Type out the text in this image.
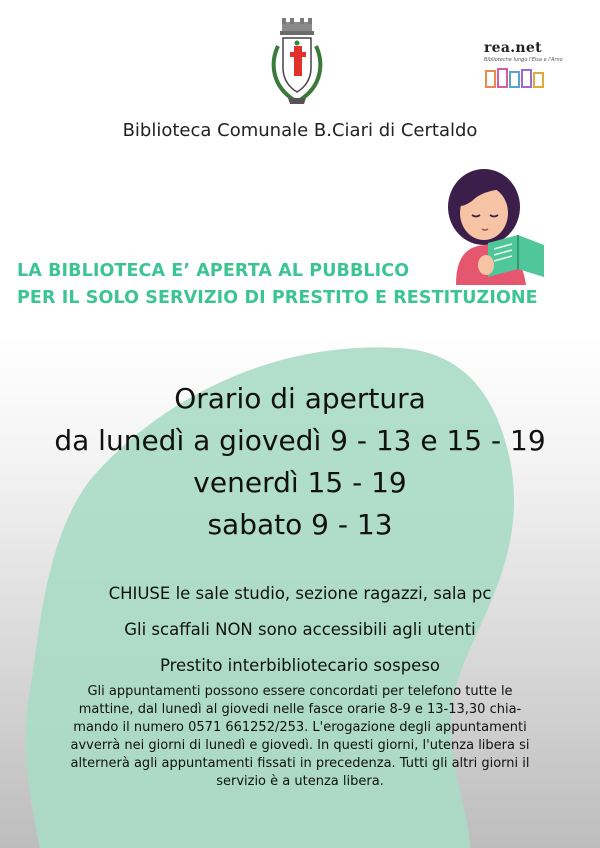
rea.net
Biblioteche lungo l'Elsa e l'Arno
Biblioteca Comunale B.Ciari di Certaldo
LA BIBLIOTECA E’ APERTA AL PUBBLICO
PER IL SOLO SERVIZIO DI PRESTITO E RESTITUZIONE
Orario di apertura
da lunedì a giovedì 9 - 13 e 15 - 19
venerdì 15 - 19
sabato 9 - 13
CHIUSE le sale studio, sezione ragazzi, sala pc
Gli scaffali NON sono accessibili agli utenti
Prestito interbibliotecario sospeso
Gli appuntamenti possono essere concordati per telefono tutte le
mattine, dal lunedì al giovedi nelle fasce orarie 8-9 e 13-13,30 chia-
mando il numero 0571 661252/253. L'erogazione degli appuntamenti
avverrà nei giorni di lunedì e giovedì. In questi giorni, l'utenza libera si
alternerà agli appuntamenti fissati in precedenza. Tutti gli altri giorni il
servizio è a utenza libera.
